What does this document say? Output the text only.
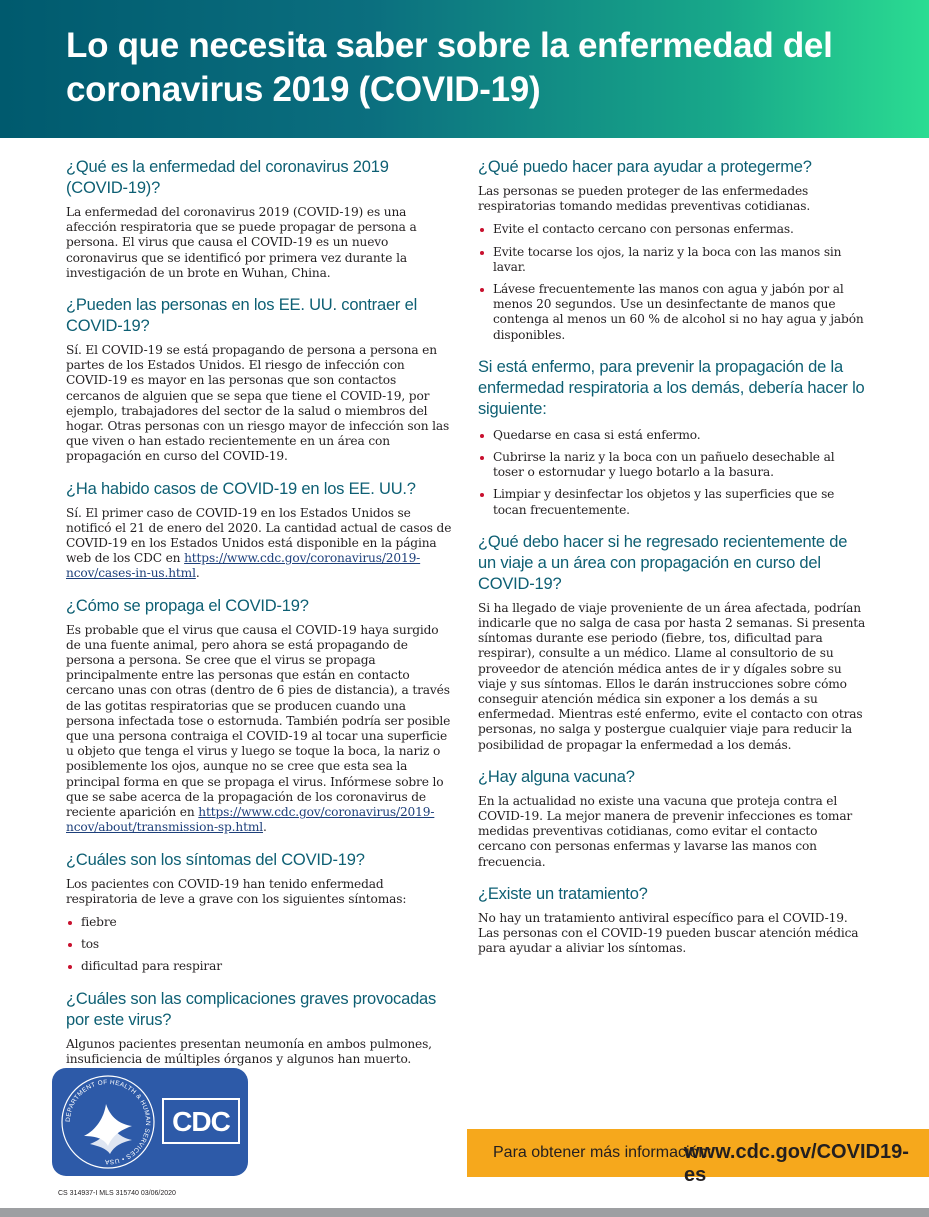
Lo que necesita saber sobre la enfermedad del coronavirus 2019 (COVID-19)
¿Qué es la enfermedad del coronavirus 2019 (COVID-19)?

La enfermedad del coronavirus 2019 (COVID-19) es una afección respiratoria que se puede propagar de persona a persona. El virus que causa el COVID-19 es un nuevo coronavirus que se identificó por primera vez durante la investigación de un brote en Wuhan, China.

¿Pueden las personas en los EE. UU. contraer el COVID-19?

Sí. El COVID-19 se está propagando de persona a persona en partes de los Estados Unidos. El riesgo de infección con COVID-19 es mayor en las personas que son contactos cercanos de alguien que se sepa que tiene el COVID-19, por ejemplo, trabajadores del sector de la salud o miembros del hogar. Otras personas con un riesgo mayor de infección son las que viven o han estado recientemente en un área con propagación en curso del COVID-19.

¿Ha habido casos de COVID-19 en los EE. UU.?

Sí. El primer caso de COVID-19 en los Estados Unidos se notificó el 21 de enero del 2020. La cantidad actual de casos de COVID-19 en los Estados Unidos está disponible en la página web de los CDC en https://www.cdc.gov/coronavirus/2019-ncov/cases-in-us.html.

¿Cómo se propaga el COVID-19?

Es probable que el virus que causa el COVID-19 haya surgido de una fuente animal, pero ahora se está propagando de persona a persona. Se cree que el virus se propaga principalmente entre las personas que están en contacto cercano unas con otras (dentro de 6 pies de distancia), a través de las gotitas respiratorias que se producen cuando una persona infectada tose o estornuda. También podría ser posible que una persona contraiga el COVID-19 al tocar una superficie u objeto que tenga el virus y luego se toque la boca, la nariz o posiblemente los ojos, aunque no se cree que esta sea la principal forma en que se propaga el virus. Infórmese sobre lo que se sabe acerca de la propagación de los coronavirus de reciente aparición en https://www.cdc.gov/coronavirus/2019-ncov/about/transmission-sp.html.

¿Cuáles son los síntomas del COVID-19?

Los pacientes con COVID-19 han tenido enfermedad respiratoria de leve a grave con los siguientes síntomas:

fiebre
tos
dificultad para respirar
¿Cuáles son las complicaciones graves provocadas por este virus?

Algunos pacientes presentan neumonía en ambos pulmones, insuficiencia de múltiples órganos y algunos han muerto.

¿Qué puedo hacer para ayudar a protegerme?

Las personas se pueden proteger de las enfermedades respiratorias tomando medidas preventivas cotidianas.

Evite el contacto cercano con personas enfermas.
Evite tocarse los ojos, la nariz y la boca con las manos sin lavar.
Lávese frecuentemente las manos con agua y jabón por al menos 20 segundos. Use un desinfectante de manos que contenga al menos un 60 % de alcohol si no hay agua y jabón disponibles.
Si está enfermo, para prevenir la propagación de la enfermedad respiratoria a los demás, debería hacer lo siguiente:
Quedarse en casa si está enfermo.
Cubrirse la nariz y la boca con un pañuelo desechable al toser o estornudar y luego botarlo a la basura.
Limpiar y desinfectar los objetos y las superficies que se tocan frecuentemente.
¿Qué debo hacer si he regresado recientemente de un viaje a un área con propagación en curso del COVID-19?

Si ha llegado de viaje proveniente de un área afectada, podrían indicarle que no salga de casa por hasta 2 semanas. Si presenta síntomas durante ese periodo (fiebre, tos, dificultad para respirar), consulte a un médico. Llame al consultorio de su proveedor de atención médica antes de ir y dígales sobre su viaje y sus síntomas. Ellos le darán instrucciones sobre cómo conseguir atención médica sin exponer a los demás a su enfermedad. Mientras esté enfermo, evite el contacto con otras personas, no salga y postergue cualquier viaje para reducir la posibilidad de propagar la enfermedad a los demás.

¿Hay alguna vacuna?

En la actualidad no existe una vacuna que proteja contra el COVID-19. La mejor manera de prevenir infecciones es tomar medidas preventivas cotidianas, como evitar el contacto cercano con personas enfermas y lavarse las manos con frecuencia.

¿Existe un tratamiento?

No hay un tratamiento antiviral específico para el COVID-19. Las personas con el COVID-19 pueden buscar atención médica para ayudar a aliviar los síntomas.

DEPARTMENT OF HEALTH & HUMAN SERVICES • USA
CDC
CS 314937-I MLS 315740 03/06/2020
Para obtener más información:
www.cdc.gov/COVID19-es
